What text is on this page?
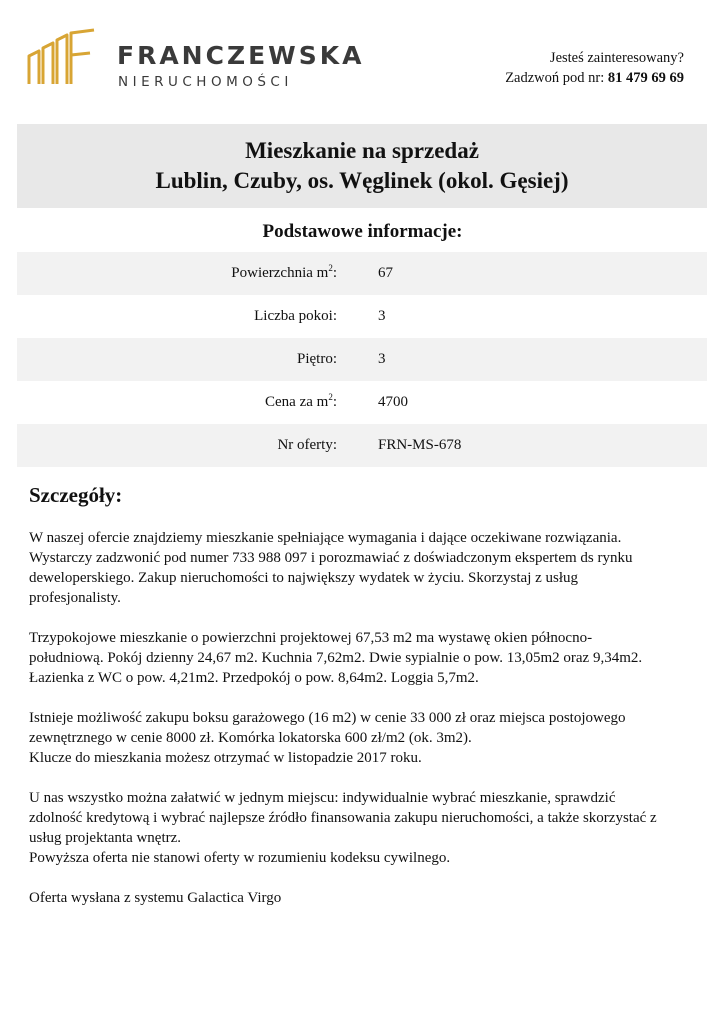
FRANCZEWSKA
NIERUCHOMOŚCI
Jesteś zainteresowany?
Zadzwoń pod nr: 81 479 69 69
Mieszkanie na sprzedaż
Lublin, Czuby, os. Węglinek (okol. Gęsiej)
Podstawowe informacje:
Powierzchnia $m^2$:	67
Liczba pokoi:	3
Piętro:	3
Cena za $m^2$:	4700
Nr oferty:	FRN-MS-678
Szczegóły:

W naszej ofercie znajdziemy mieszkanie spełniające wymagania i dające oczekiwane rozwiązania.
Wystarczy zadzwonić pod numer 733 988 097 i porozmawiać z doświadczonym ekspertem ds rynku
deweloperskiego. Zakup nieruchomości to największy wydatek w życiu. Skorzystaj z usług
profesjonalisty.

Trzypokojowe mieszkanie o powierzchni projektowej 67,53 m2 ma wystawę okien północno-
południową. Pokój dzienny 24,67 m2. Kuchnia 7,62m2. Dwie sypialnie o pow. 13,05m2 oraz 9,34m2.
Łazienka z WC o pow. 4,21m2. Przedpokój o pow. 8,64m2. Loggia 5,7m2.

Istnieje możliwość zakupu boksu garażowego (16 m2) w cenie 33 000 zł oraz miejsca postojowego
zewnętrznego w cenie 8000 zł. Komórka lokatorska 600 zł/m2 (ok. 3m2).
Klucze do mieszkania możesz otrzymać w listopadzie 2017 roku.

U nas wszystko można załatwić w jednym miejscu: indywidualnie wybrać mieszkanie, sprawdzić
zdolność kredytową i wybrać najlepsze źródło finansowania zakupu nieruchomości, a także skorzystać z
usług projektanta wnętrz.
Powyższa oferta nie stanowi oferty w rozumieniu kodeksu cywilnego.

Oferta wysłana z systemu Galactica Virgo
